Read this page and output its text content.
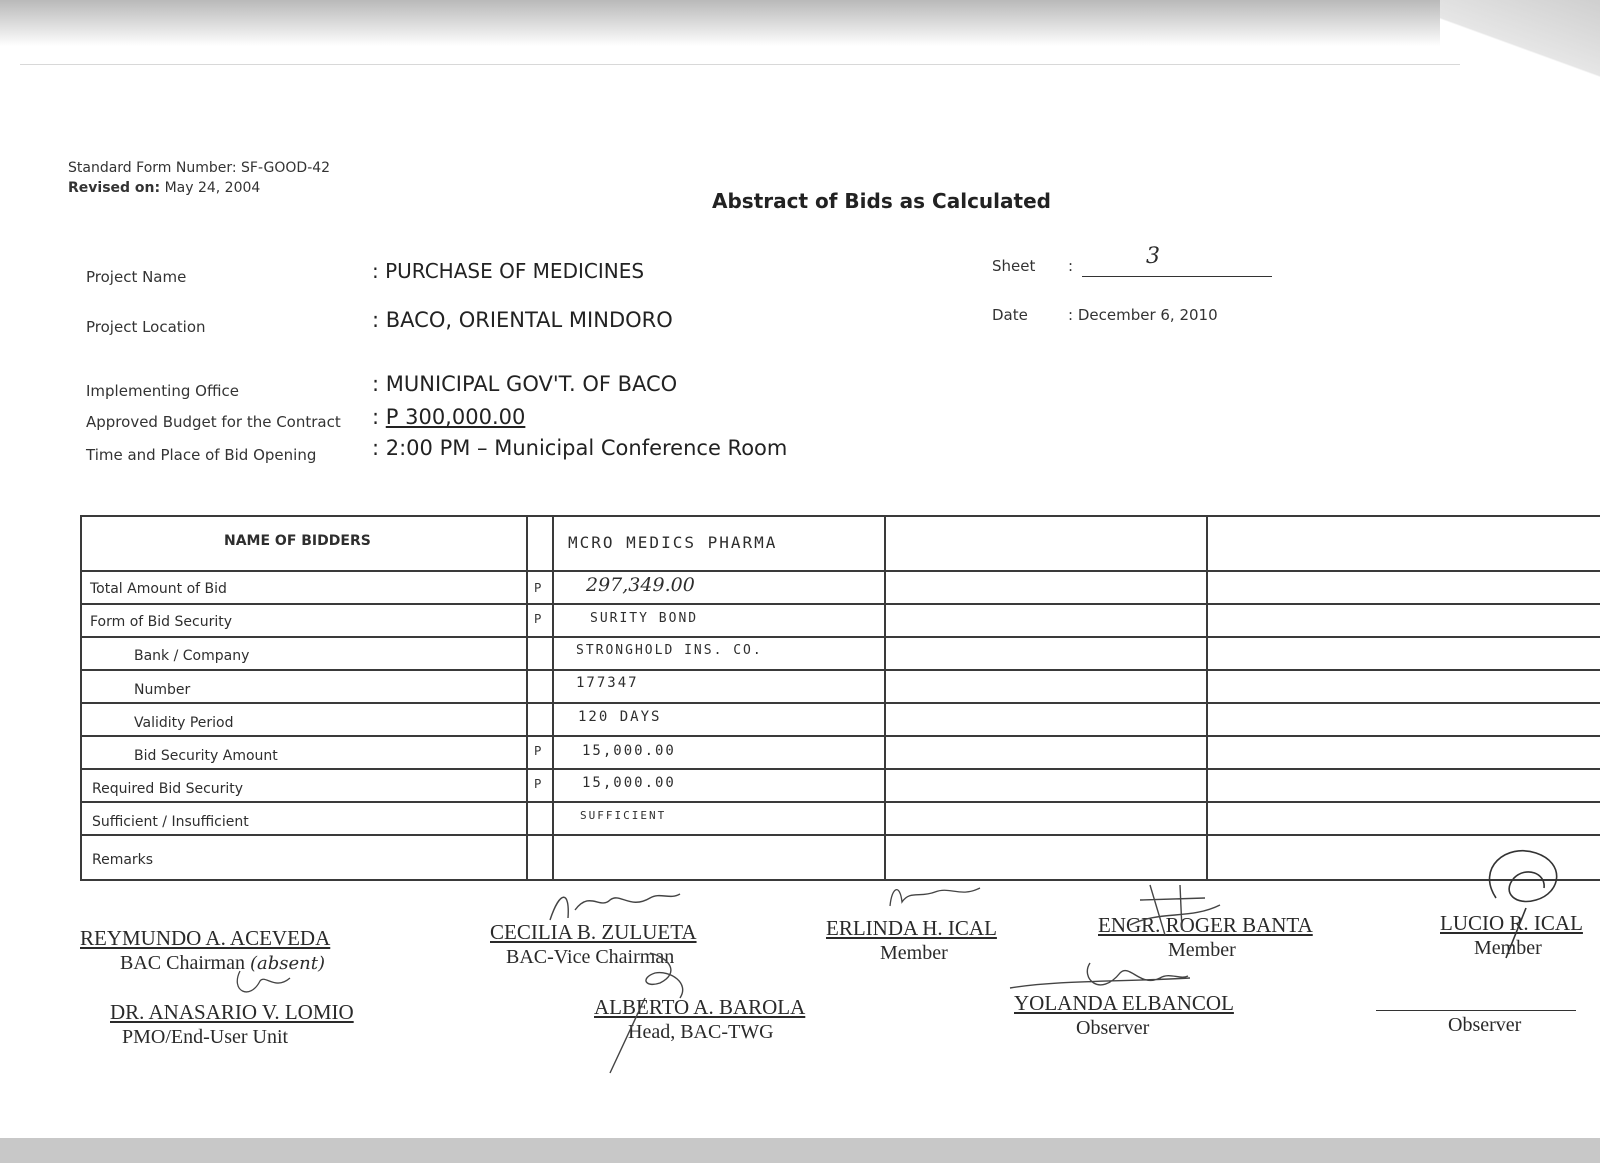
Standard Form Number: SF-GOOD-42
Revised on: May 24, 2004
Abstract of Bids as Calculated
Project Name	: PURCHASE OF MEDICINES
Project Location	: BACO, ORIENTAL MINDORO
Implementing Office	: MUNICIPAL GOV'T. OF BACO
Approved Budget for the Contract : P 300,000.00
Time and Place of Bid Opening	: 2:00 PM – Municipal Conference Room
Sheet :	3
Date	: December 6, 2010
NAME OF BIDDERS	MCRO MEDICS PHARMA
Total Amount of Bid	P 297,349.00
Form of Bid Security	P	SURITY BOND
Bank / Company	STRONGHOLD INS. CO.
Number	177347
Validity Period	120 DAYS
Bid Security Amount	P	15,000.00
Required Bid Security	P	15,000.00
Sufficient / Insufficient	SUFFICIENT
Remarks
REYMUNDO A. ACEVEDA
BAC Chairman (absent)
CECILIA B. ZULUETA
BAC-Vice Chairman
ERLINDA H. ICAL
Member
ENGR. ROGER BANTA
Member
LUCIO R. ICAL
Member
DR. ANASARIO V. LOMIO
PMO/End-User Unit
ALBERTO A. BAROLA
Head, BAC-TWG
YOLANDA ELBANCOL
Observer	Observer
